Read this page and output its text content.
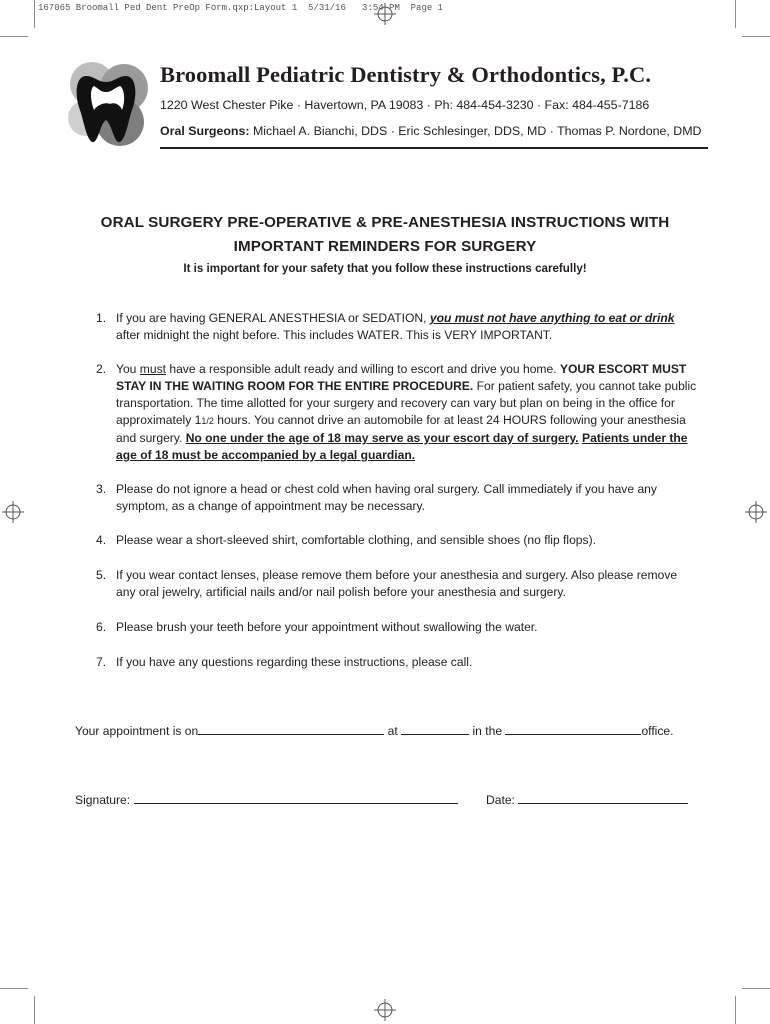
167065 Broomall Ped Dent PreOp Form.qxp:Layout 1  5/31/16   3:54 PM  Page 1
Broomall Pediatric Dentistry & Orthodontics, P.C.
1220 West Chester Pike · Havertown, PA 19083 · Ph: 484-454-3230 · Fax: 484-455-7186
Oral Surgeons: Michael A. Bianchi, DDS · Eric Schlesinger, DDS, MD · Thomas P. Nordone, DMD
ORAL SURGERY PRE-OPERATIVE & PRE-ANESTHESIA INSTRUCTIONS WITH
IMPORTANT REMINDERS FOR SURGERY
It is important for your safety that you follow these instructions carefully!
1. If you are having GENERAL ANESTHESIA or SEDATION, you must not have anything to eat or drink after midnight the night before. This includes WATER. This is VERY IMPORTANT.
2. You must have a responsible adult ready and willing to escort and drive you home. YOUR ESCORT MUST STAY IN THE WAITING ROOM FOR THE ENTIRE PROCEDURE. For patient safety, you cannot take public transportation. The time allotted for your surgery and recovery can vary but plan on being in the office for approximately 11/2 hours. You cannot drive an automobile for at least 24 HOURS following your anesthesia and surgery. No one under the age of 18 may serve as your escort day of surgery. Patients under the age of 18 must be accompanied by a legal guardian.
3. Please do not ignore a head or chest cold when having oral surgery. Call immediately if you have any symptom, as a change of appointment may be necessary.
4. Please wear a short-sleeved shirt, comfortable clothing, and sensible shoes (no flip flops).
5. If you wear contact lenses, please remove them before your anesthesia and surgery. Also please remove any oral jewelry, artificial nails and/or nail polish before your anesthesia and surgery.
6. Please brush your teeth before your appointment without swallowing the water.
7. If you have any questions regarding these instructions, please call.
Your appointment is on	at	in the	office.
Signature:	Date:
